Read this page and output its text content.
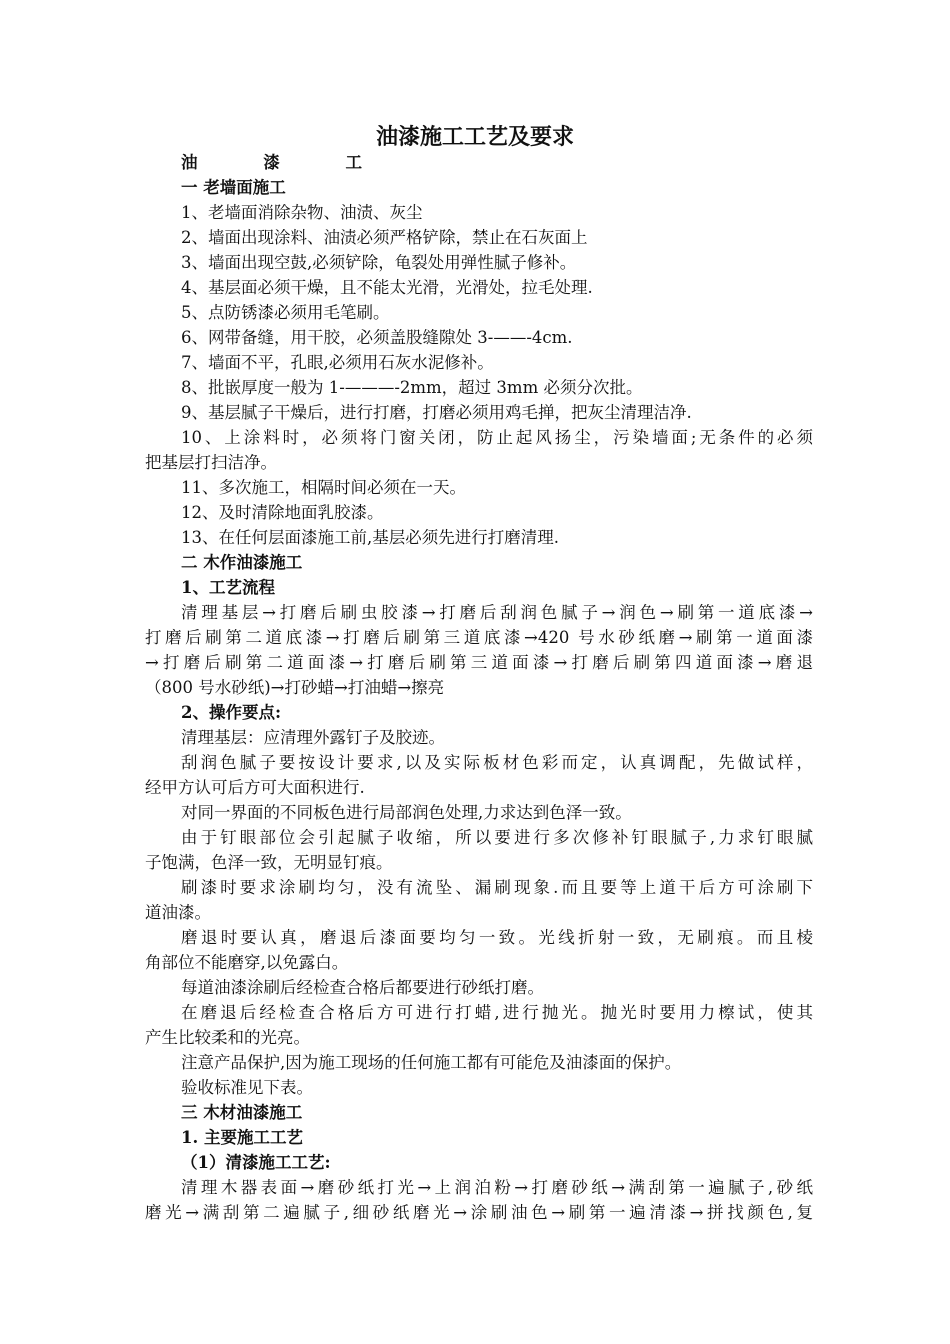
油漆施工工艺及要求
油 漆 工
一 老墙面施工
1、老墙面消除杂物、油渍、灰尘
2、墙面出现涂料、油渍必须严格铲除，禁止在石灰面上
3、墙面出现空鼓,必须铲除，龟裂处用弹性腻子修补。
4、基层面必须干燥，且不能太光滑，光滑处，拉毛处理.
5、点防锈漆必须用毛笔刷。
6、网带备缝，用干胶，必须盖股缝隙处 3-——-4cm.
7、墙面不平，孔眼,必须用石灰水泥修补。
8、批嵌厚度一般为 1-———-2mm，超过 3mm 必须分次批。
9、基层腻子干燥后，进行打磨，打磨必须用鸡毛掸，把灰尘清理洁净.
10、上涂料时，必须将门窗关闭，防止起风扬尘，污染墙面;无条件的必须
把基层打扫洁净。
11、多次施工，相隔时间必须在一天。
12、及时清除地面乳胶漆。
13、在任何层面漆施工前,基层必须先进行打磨清理.
二 木作油漆施工
1、工艺流程
清理基层→打磨后刷虫胶漆→打磨后刮润色腻子→润色→刷第一道底漆→
打磨后刷第二道底漆→打磨后刷第三道底漆→420 号水砂纸磨→刷第一道面漆
→打磨后刷第二道面漆→打磨后刷第三道面漆→打磨后刷第四道面漆→磨退
（800 号水砂纸)→打砂蜡→打油蜡→擦亮
2、操作要点:
清理基层：应清理外露钉子及胶迹。
刮润色腻子要按设计要求,以及实际板材色彩而定，认真调配，先做试样，
经甲方认可后方可大面积进行.
对同一界面的不同板色进行局部润色处理,力求达到色泽一致。
由于钉眼部位会引起腻子收缩，所以要进行多次修补钉眼腻子,力求钉眼腻
子饱满，色泽一致，无明显钉痕。
刷漆时要求涂刷均匀，没有流坠、漏刷现象.而且要等上道干后方可涂刷下
道油漆。
磨退时要认真，磨退后漆面要均匀一致。光线折射一致，无刷痕。而且棱
角部位不能磨穿,以免露白。
每道油漆涂刷后经检查合格后都要进行砂纸打磨。
在磨退后经检查合格后方可进行打蜡,进行抛光。抛光时要用力檫试，使其
产生比较柔和的光亮。
注意产品保护,因为施工现场的任何施工都有可能危及油漆面的保护。
验收标准见下表。
三 木材油漆施工
1. 主要施工工艺
（1）清漆施工工艺:
清理木器表面→磨砂纸打光→上润泊粉→打磨砂纸→满刮第一遍腻子,砂纸
磨光→满刮第二遍腻子,细砂纸磨光→涂刷油色→刷第一遍清漆→拼找颜色,复
